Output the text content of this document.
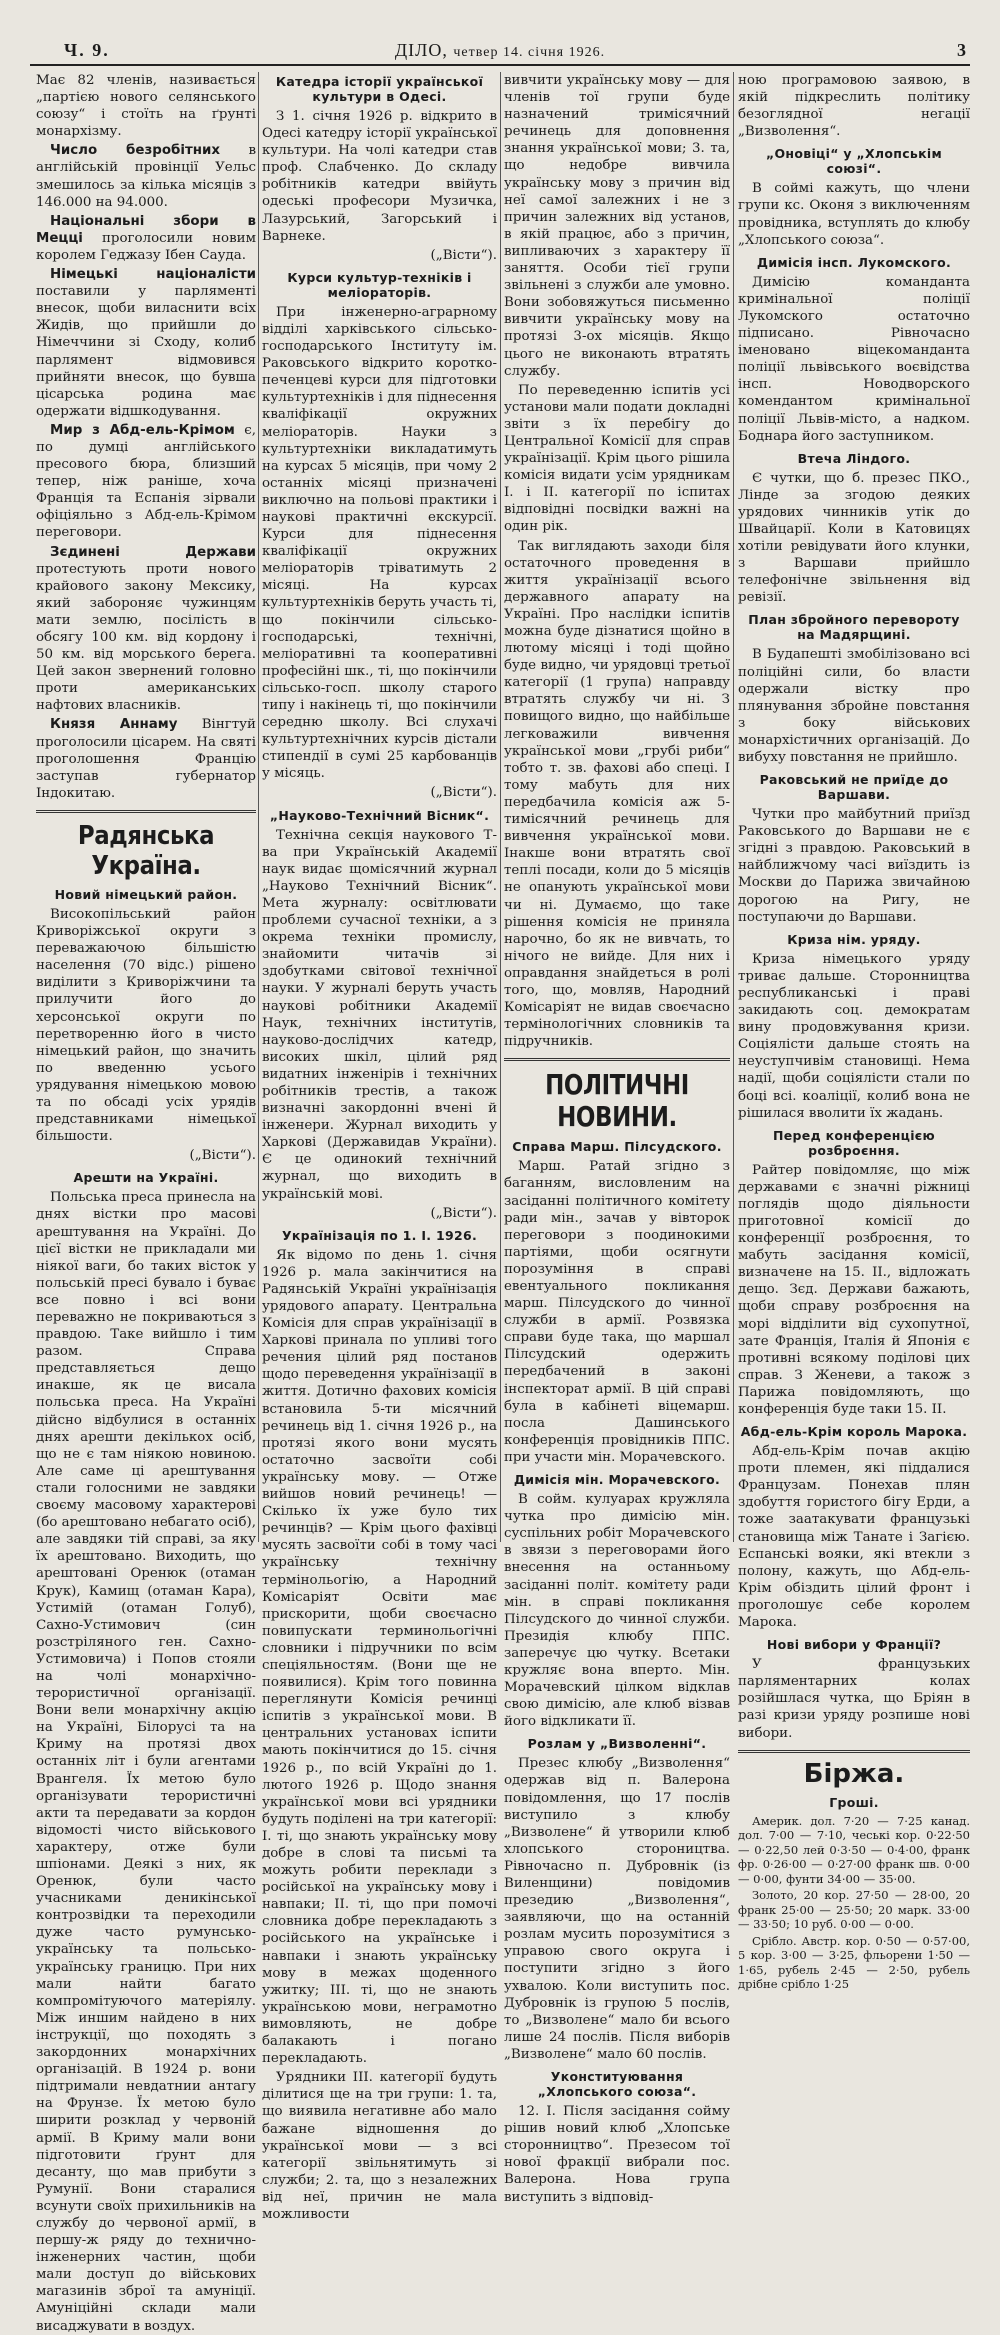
Ч. 9.	ДІЛО, четвер 14. січня 1926.	3

Має 82 членів, називається „партією нового селянського союзу“ і стоїть на ґрунті монархізму.

Число безробітних в англійській провінції Уельс змешилось за кілька місяців з 146.000 на 94.000.

Національні збори в Мецці проголосили новим королем Геджазу Ібен Сауда.

Німецькі націоналісти поставили у парляменті внесок, щоби виласнити всіх Жидів, що прийшли до Німеччини зі Сходу, колиб парлямент відмовився прийняти внесок, що бувша цісарська родина має одержати відшкодування.

Мир з Абд-ель-Крімом є, по думці англійського пресового бюра, близший тепер, ніж раніше, хоча Франція та Еспанія зірвали офіціяльно з Абд-ель-Крімом переговори.

Зєдинені Держави протестують проти нового крайового закону Мексику, який забороняє чужинцям мати землю, посілість в обсягу 100 км. від кордону і 50 км. від морського берега. Цей закон звернений головно проти американських нафтових власників.

Князя Аннаму Вінгтуй проголосили цісарем. На святі проголошення Францію заступав губернатор Індокитаю.

Радянська Україна.
Новий німецький район.

Високопільський район Криворіжської округи з переважаючою більшістю населення (70 відс.) рішено виділити з Криворіжчини та прилучити його до херсонської округи по перетворенню його в чисто німецький район, що значить по введенню усього урядування німецькою мовою та по обсаді усіх урядів представниками німецької більшости.

(„Вісти“).

Арешти на Україні.

Польська преса принесла на днях вістки про масові арештування на Україні. До цієї вістки не прикладали ми ніякої ваги, бо таких вісток у польській пресі бувало і буває все повно і всі вони переважно не покриваються з правдою. Таке вийшло і тим разом. Справа представляється дещо инакше, як це висала польська преса. На Україні дійсно відбулися в останніх днях арешти декількох осіб, що не є там ніякою новиною. Але саме ці арештування стали голосними не завдяки своєму масовому характерові (бо арештовано небагато осіб), але завдяки тій справі, за яку їх арештовано. Виходить, що арештовані Оренюк (отаман Крук), Камищ (отаман Кара), Устимій (отаман Голуб), Сахно-Устимович (син розстріляного ген. Сахно-Устимовича) і Попов стояли на чолі монархічно-терористичної організації. Вони вели монархічну акцію на Україні, Білорусі та на Криму на протязі двох останніх літ і були агентами Врангеля. Їх метою було організувати терористичні акти та передавати за кордон відомості чисто військового характеру, отже були шпіонами. Деякі з них, як Оренюк, були часто учасниками деникінської контрозвідки та переходили дуже часто румунсько-українську та польсько-українську границю. При них мали найти багато компромітуючого матеріялу. Між иншим найдено в них інструкції, що походять з закордонних монархічних організацій. В 1924 р. вони підтримали невдатнии антагу на Фрунзе. Їх метою було ширити розклад у червоній армії. В Криму мали вони підготовити ґрунт для десанту, що мав прибути з Румунії. Вони старалися всунути своїх прихильників на службу до червоної армії, в першу-ж ряду до технично-інженерних частин, щоби мали доступ до військових магазинів зброї та амуніції. Амуніційні склади мали висаджувати в воздух.

Катедра історії української культури в Одесі.

З 1. січня 1926 р. відкрито в Одесі катедру історії української культури. На чолі катедри став проф. Слабченко. До складу робітників катедри ввійуть одеські професори Музичка, Лазурський, Загорський і Варнеке.

(„Вісти“).

Курси культур-техніків і меліораторів.

При інженерно-аграрному відділі харківського сільсько-господарського Інституту ім. Раковського відкрито коротко-печенцеві курси для підготовки культуртехніків і для піднесення кваліфікації окружних меліораторів. Науки з культуртехніки викладатимуть на курсах 5 місяців, при чому 2 останніх місяці призначені виключно на польові практики і наукові практичні екскурсії. Курси для піднесення кваліфікації окружних меліораторів тріватимуть 2 місяці. На курсах культуртехніків беруть участь ті, що покінчили сільсько-господарські, технічні, меліоративні та кооперативні професійні шк., ті, що покінчили сільсько-госп. школу старого типу і накінець ті, що покінчили середню школу. Всі слухачі культуртехнічних курсів дістали стипендії в сумі 25 карбованців у місяць.

(„Вісти“).

„Науково-Технічний Вісник“.

Технічна секція наукового Т-ва при Українській Академії наук видає щомісячний журнал „Науково Технічний Вісник“. Мета журналу: освітлювати проблеми сучасної техніки, а з окрема техніки промислу, знайомити читачів зі здобутками світової технічної науки. У журналі беруть участь наукові робітники Академії Наук, технічних інститутів, науково-дослідчих катедр, високих шкіл, цілий ряд видатних інженірів і технічних робітників трестів, а також визначні закордонні вчені й інженери. Журнал виходить у Харкові (Державидав України). Є це одинокий технічний журнал, що виходить в українській мові.

(„Вісти“).

Українізація по 1. І. 1926.

Як відомо по день 1. січня 1926 р. мала закінчитися на Радянській Україні українізація урядового апарату. Центральна Комісія для справ українізації в Харкові принала по упливі того речения цілий ряд постанов щодо переведення українізації в життя. Дотично фахових комісія встановила 5-ти місячний речинець від 1. січня 1926 р., на протязі якого вони мусять остаточно засвоїти собі українську мову. — Отже вийшов новий речинець! — Скілько їх уже було тих речинців? — Крім цього фахівці мусять засвоїти собі в тому часі українську технічну термінольогію, а Народний Комісаріят Освіти має прискорити, щоби своєчасно повипускати терминольогічні словники і підручники по всім спеціяльностям. (Вони ще не появилися). Крім того повинна переглянути Комісія речинці іспитів з української мови. В центральних установах іспити мають покінчитися до 15. січня 1926 р., по всій Україні до 1. лютого 1926 р. Щодо знання української мови всі урядники будуть поділені на три категорії: І. ті, що знають українську мову добре в слові та письмі та можуть робити переклади з російської на українську мову і навпаки; ІІ. ті, що при помочі словника добре перекладають з російського на українське і навпаки і знають українську мову в межах щоденного ужитку; ІІІ. ті, що не знають українською мови, неграмотно вимовляють, не добре балакають і погано перекладають.

Урядники ІІІ. категорії будуть ділитися ще на три групи: 1. та, що виявила негативне або мало бажане відношення до української мови — з всі категорії звільнятимуть зі служби; 2. та, що з незалежних від неї, причин не мала можливости

вивчити українську мову — для членів тої групи буде назначений тримісячний речинець для доповнення знання української мови; 3. та, що недобре вивчила українську мову з причин від неї самої залежних і не з причин залежних від установ, в якій працює, або з причин, випливаючих з характеру її заняття. Особи тієї групи звільнені з служби але умовно. Вони зобовяжуться письменно вивчити українську мову на протязі 3-ох місяців. Якщо цього не виконають втратять службу.

По переведенню іспитів усі установи мали подати докладні звіти з їх перебігу до Центральної Комісії для справ українізації. Крім цього рішила комісія видати усім урядникам І. і ІІ. категорії по іспитах відповідні посвідки важні на один рік.

Так виглядають заходи біля остаточного проведення в життя українізації всього державного апарату на Україні. Про наслідки іспитів можна буде дізнатися щойно в лютому місяці і тоді щойно буде видно, чи урядовці третьої категорії (1 група) направду втратять службу чи ні. З повищого видно, що найбільше легковажили вивчення української мови „грубі риби“ тобто т. зв. фахові або спеці. І тому мабуть для них передбачила комісія аж 5-тимісячний речинець для вивчення української мови. Інакше вони втратять свої теплі посади, коли до 5 місяців не опанують української мови чи ні. Думаємо, що таке рішення комісія не приняла нарочно, бо як не вивчать, то нічого не вийде. Для них і оправдання знайдеться в ролі того, що, мовляв, Народний Комісаріят не видав своєчасно термінологічних словників та підручників.

ПОЛІТИЧНІ НОВИНИ.
Справа Марш. Пілсудского.

Марш. Ратай згідно з баганням, висловленим на засіданні політичного комітету ради мін., зачав у вівторок переговори з поодинокими партіями, щоби осягнути порозуміння в справі евентуального покликання марш. Пілсудского до чинної служби в армії. Розвязка справи буде така, що маршал Пілсудский одержить передбачений в законі інспекторат армії. В цій справі була в кабінеті віцемарш. посла Дашинського конференція провідників ППС. при участи мін. Морачевского.

Димісія мін. Морачевского.

В сойм. кулуарах кружляла чутка про димісію мін. суспільних робіт Морачевского в звязи з переговорами його внесення на останньому засіданні політ. комітету ради мін. в справі покликання Пілсудского до чинної служби. Президія клюбу ППС. заперечує цю чутку. Всетаки кружляє вона вперто. Мін. Морачевский цілком відклав свою димісію, але клюб візвав його відкликати її.

Розлам у „Визволенні“.

Презес клюбу „Визволення“ одержав від п. Валерона повідомлення, що 17 послів виступило з клюбу „Визволене“ й утворили клюб хлопського стороництва. Рівночасно п. Дубровнік (із Виленщини) повідомив презедию „Визволення“, заявляючи, що на останній розлам мусить порозумітися з управою свого округа і поступити згідно з його ухвалою. Коли виступить пос. Дубровнік із групою 5 послів, то „Визволене“ мало би всього лише 24 послів. Після виборів „Визволене“ мало 60 послів.

Уконституювання „Хлопського союза“.

12. І. Після засідання сойму рішив новий клюб „Хлопське сторонництво“. Презесом тої нової фракції вибрали пос. Валерона. Нова група виступить з відповід-

ною програмовою заявою, в якій підкреслить політику безоглядної негації „Визволення“.

„Оновіці“ у „Хлопськім союзі“.

В соймі кажуть, що члени групи кс. Оконя з виключенням провідника, вступлять до клюбу „Хлопського союза“.

Димісія інсп. Лукомского.

Димісію команданта кримінальної поліції Лукомского остаточно підписано. Рівночасно іменовано віцекоманданта поліції львівського воєвідства інсп. Новодворского комендантом кримінальної поліції Львів-місто, а надком. Боднара його заступником.

Втеча Ліндого.

Є чутки, що б. презес ПКО., Лінде за згодою деяких урядових чинників утік до Швайцарії. Коли в Катовицях хотіли ревідувати його клунки, з Варшави прийшло телефонічне звільнення від ревізії.

План збройного перевороту на Мадярщині.

В Будапешті змобілізовано всі поліційні сили, бо власти одержали вістку про плянування збройне повстання з боку військових монархістичних організацій. До вибуху повстання не прийшло.

Раковський не приїде до Варшави.

Чутки про майбутний приїзд Раковського до Варшави не є згідні з правдою. Раковський в найближчому часі виїздить із Москви до Парижа звичайною дорогою на Ригу, не поступаючи до Варшави.

Криза нім. уряду.

Криза німецького уряду триває дальше. Сторонництва республиканські і праві закидають соц. демократам вину продовжування кризи. Соціялісти дальше стоять на неуступчивім становищі. Нема надії, щоби соціялісти стали по боці всі. коаліції, колиб вона не рішилася вволити їх жадань.

Перед конференцією розброєння.

Райтер повідомляє, що між державами є значні ріжниці поглядів щодо діяльности приготовної комісії до конференції розброєння, то мабуть засідання комісії, визначене на 15. ІІ., відложать дещо. Зєд. Держави бажають, щоби справу розброєння на морі відділити від сухопутної, зате Франція, Італія й Японія є противні всякому поділові цих справ. З Женеви, а також з Парижа повідомляють, що конференція буде таки 15. ІІ.

Абд-ель-Крім король Марока.

Абд-ель-Крім почав акцію проти племен, які піддалися Французам. Понехав плян здобуття гористого бігу Ерди, а тоже заатакувати французькі становища між Танате і Загією. Еспанські вояки, які втекли з полону, кажуть, що Абд-ель-Крім обіздить цілий фронт і проголошує себе королем Марока.

Нові вибори у Франції?

У французьких парляментарних колах розійшлася чутка, що Бріян в разі кризи уряду розпише нові вибори.

Біржа.
Гроші.

Америк. дол. 7·20 — 7·25 канад. дол. 7·00 — 7·10, чеські кор. 0·22·50 — 0·22,50 лей 0·3·50 — 0·4·00, франк фр. 0·26·00 — 0·27·00 франк шв. 0·00 — 0·00, фунти 34·00 — 35·00.

Золото, 20 кор. 27·50 — 28·00, 20 франк 25·00 — 25·50; 20 марк. 33·00 — 33·50; 10 руб. 0·00 — 0·00.

Срібло. Австр. кор. 0·50 — 0·57·00, 5 кор. 3·00 — 3·25, фльорени 1·50 — 1·65, рубель 2·45 — 2·50, рубель дрібне срібло 1·25
